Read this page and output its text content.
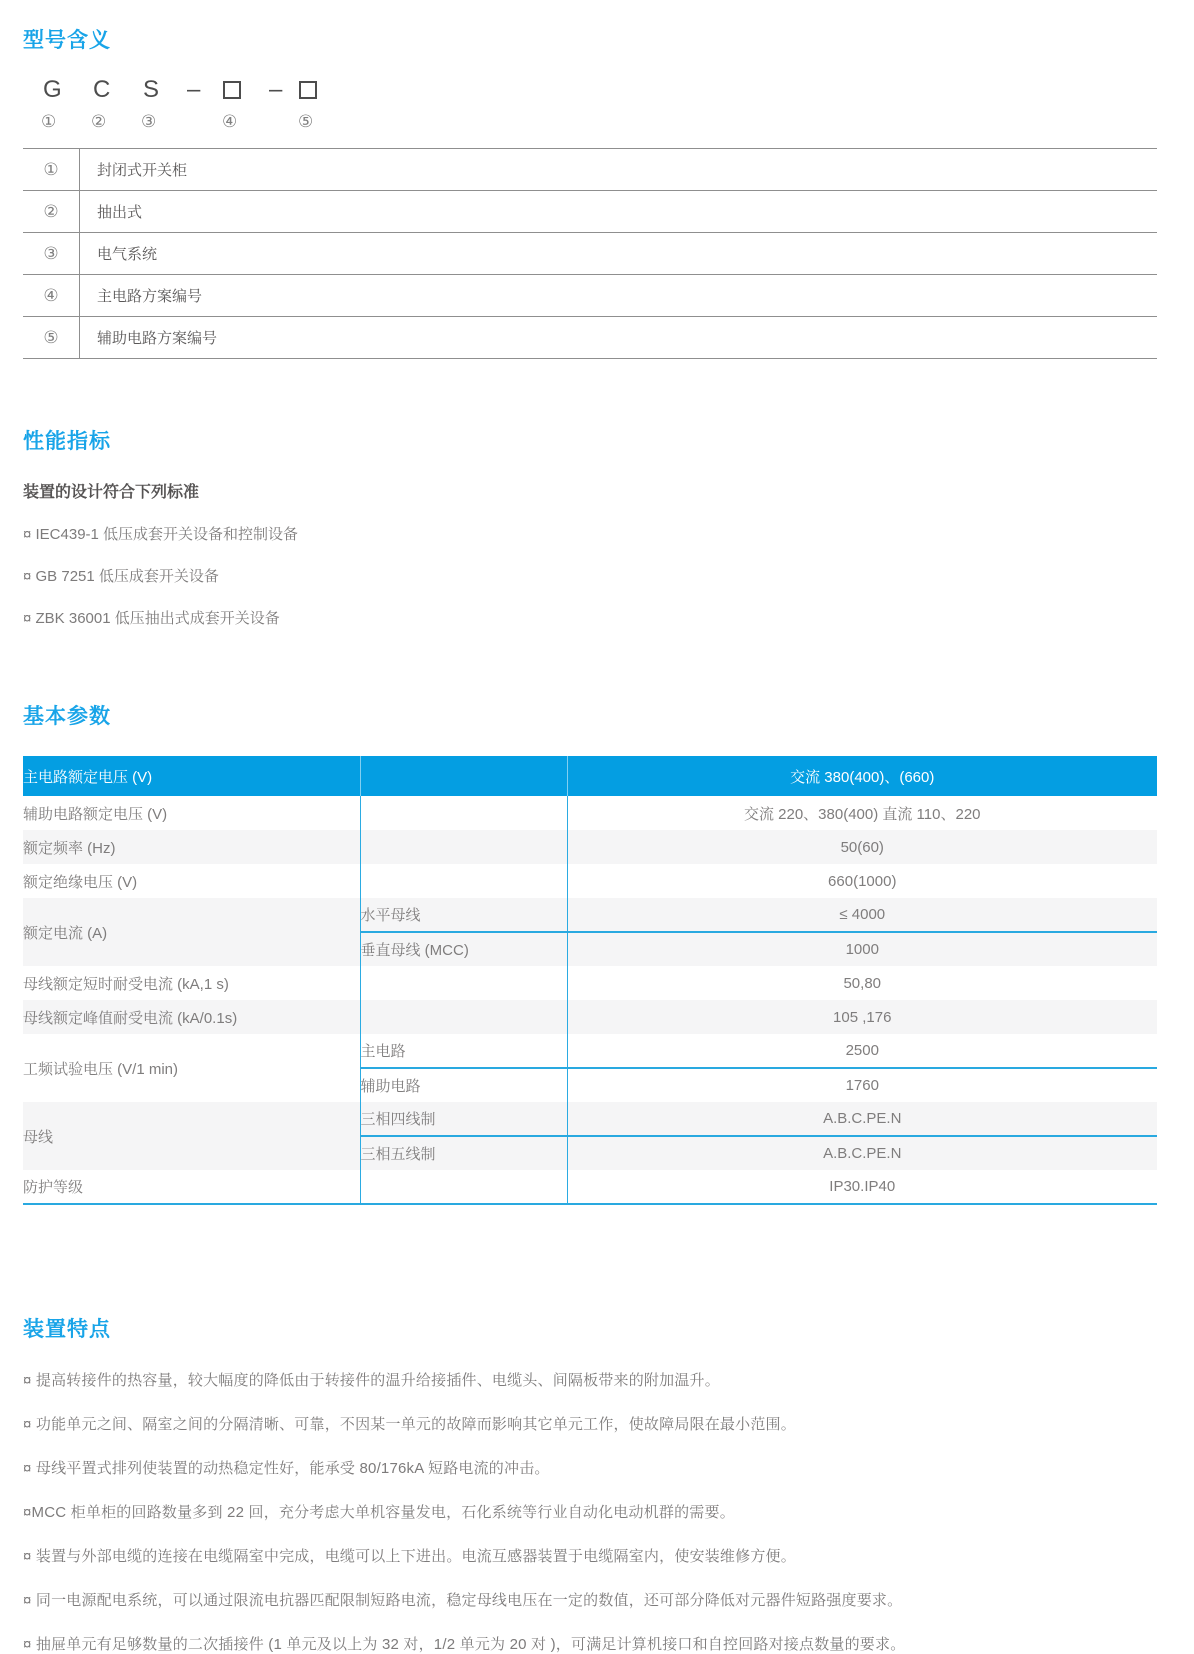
型号含义
G C S –	–
① ② ③	④	⑤
①	封闭式开关柜
②	抽出式
③	电气系统
④	主电路方案编号
⑤	辅助电路方案编号
性能指标

装置的设计符合下列标准

¤ IEC439-1 低压成套开关设备和控制设备
¤ GB 7251 低压成套开关设备
¤ ZBK 36001 低压抽出式成套开关设备
基本参数
主电路额定电压 (V)		交流 380(400)、(660)
辅助电路额定电压 (V)		交流 220、380(400) 直流 110、220
额定频率 (Hz)		50(60)
额定绝缘电压 (V)		660(1000)
额定电流 (A)	水平母线	≤ 4000
	垂直母线 (MCC)	1000
母线额定短时耐受电流 (kA,1 s)		50,80
母线额定峰值耐受电流 (kA/0.1s)		105 ,176
工频试验电压 (V/1 min)	主电路	2500
	辅助电路	1760
母线	三相四线制	A.B.C.PE.N
	三相五线制	A.B.C.PE.N
防护等级		IP30.IP40
装置特点
¤ 提高转接件的热容量，较大幅度的降低由于转接件的温升给接插件、电缆头、间隔板带来的附加温升。
¤ 功能单元之间、隔室之间的分隔清晰、可靠，不因某一单元的故障而影响其它单元工作，使故障局限在最小范围。
¤ 母线平置式排列使装置的动热稳定性好，能承受 80/176kA 短路电流的冲击。
¤MCC 柜单柜的回路数量多到 22 回，充分考虑大单机容量发电，石化系统等行业自动化电动机群的需要。
¤ 装置与外部电缆的连接在电缆隔室中完成，电缆可以上下进出。电流互感器装置于电缆隔室内，使安装维修方便。
¤ 同一电源配电系统，可以通过限流电抗器匹配限制短路电流，稳定母线电压在一定的数值，还可部分降低对元器件短路强度要求。
¤ 抽屉单元有足够数量的二次插接件 (1 单元及以上为 32 对，1/2 单元为 20 对 )，可满足计算机接口和自控回路对接点数量的要求。
